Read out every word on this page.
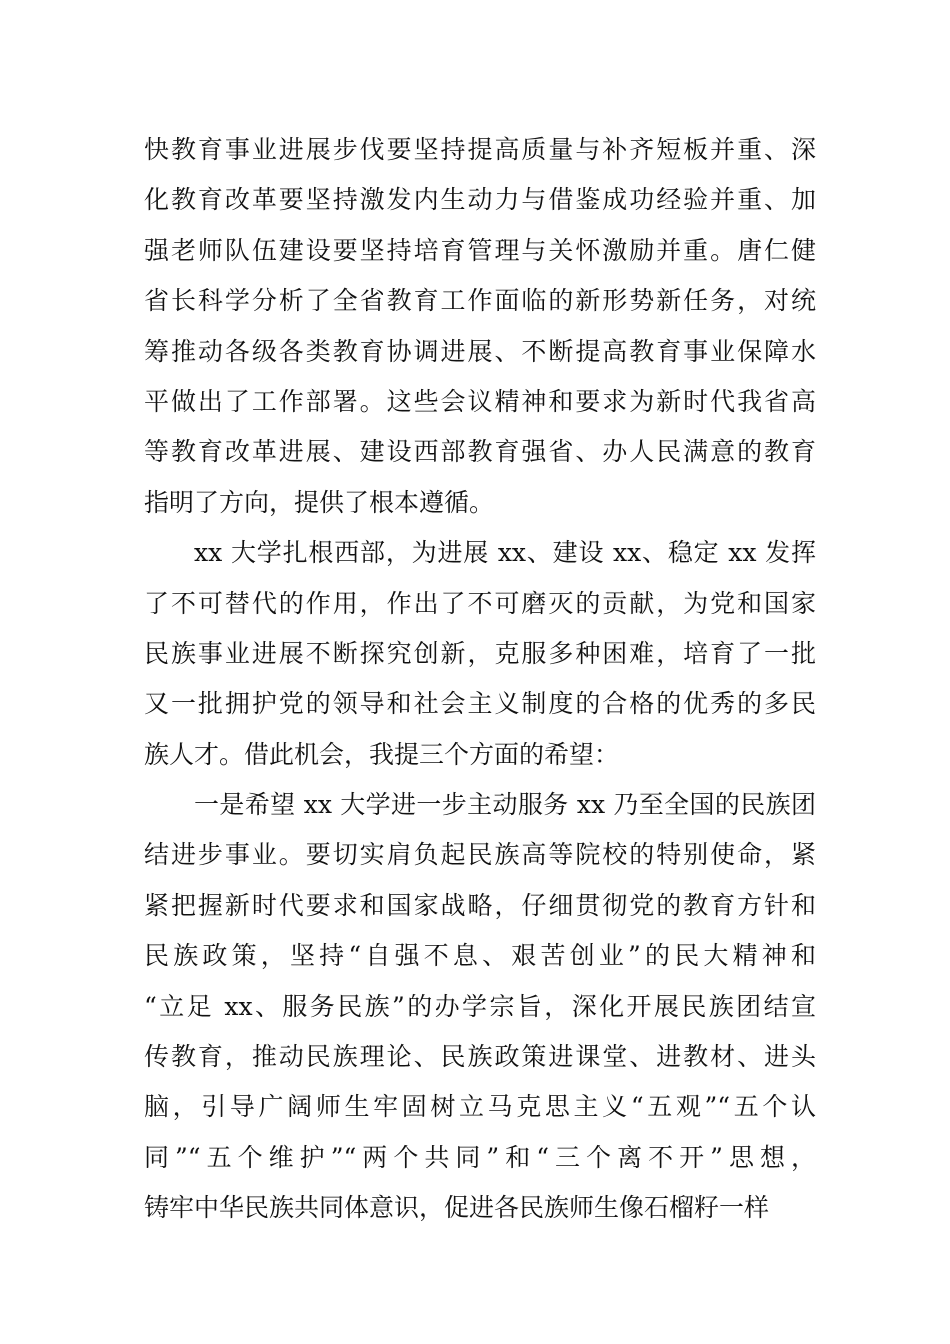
快教育事业进展步伐要坚持提高质量与补齐短板并重、深
化教育改革要坚持激发内生动力与借鉴成功经验并重、加
强老师队伍建设要坚持培育管理与关怀激励并重。唐仁健
省长科学分析了全省教育工作面临的新形势新任务，对统
筹推动各级各类教育协调进展、不断提高教育事业保障水
平做出了工作部署。这些会议精神和要求为新时代我省高
等教育改革进展、建设西部教育强省、办人民满意的教育
指明了方向，提供了根本遵循。
xx 大学扎根西部，为进展 xx、建设 xx、稳定 xx 发挥
了不可替代的作用，作出了不可磨灭的贡献，为党和国家
民族事业进展不断探究创新，克服多种困难，培育了一批
又一批拥护党的领导和社会主义制度的合格的优秀的多民
族人才。借此机会，我提三个方面的希望：
一是希望 xx 大学进一步主动服务 xx 乃至全国的民族团
结进步事业。要切实肩负起民族高等院校的特别使命，紧
紧把握新时代要求和国家战略，仔细贯彻党的教育方针和
民族政策，坚持“自强不息、艰苦创业”的民大精神和
“立足 xx、服务民族”的办学宗旨，深化开展民族团结宣
传教育，推动民族理论、民族政策进课堂、进教材、进头
脑，引导广阔师生牢固树立马克思主义“五观”“五个认
同”“五个维护”“两个共同”和“三个离不开”思想，
铸牢中华民族共同体意识，促进各民族师生像石榴籽一样
